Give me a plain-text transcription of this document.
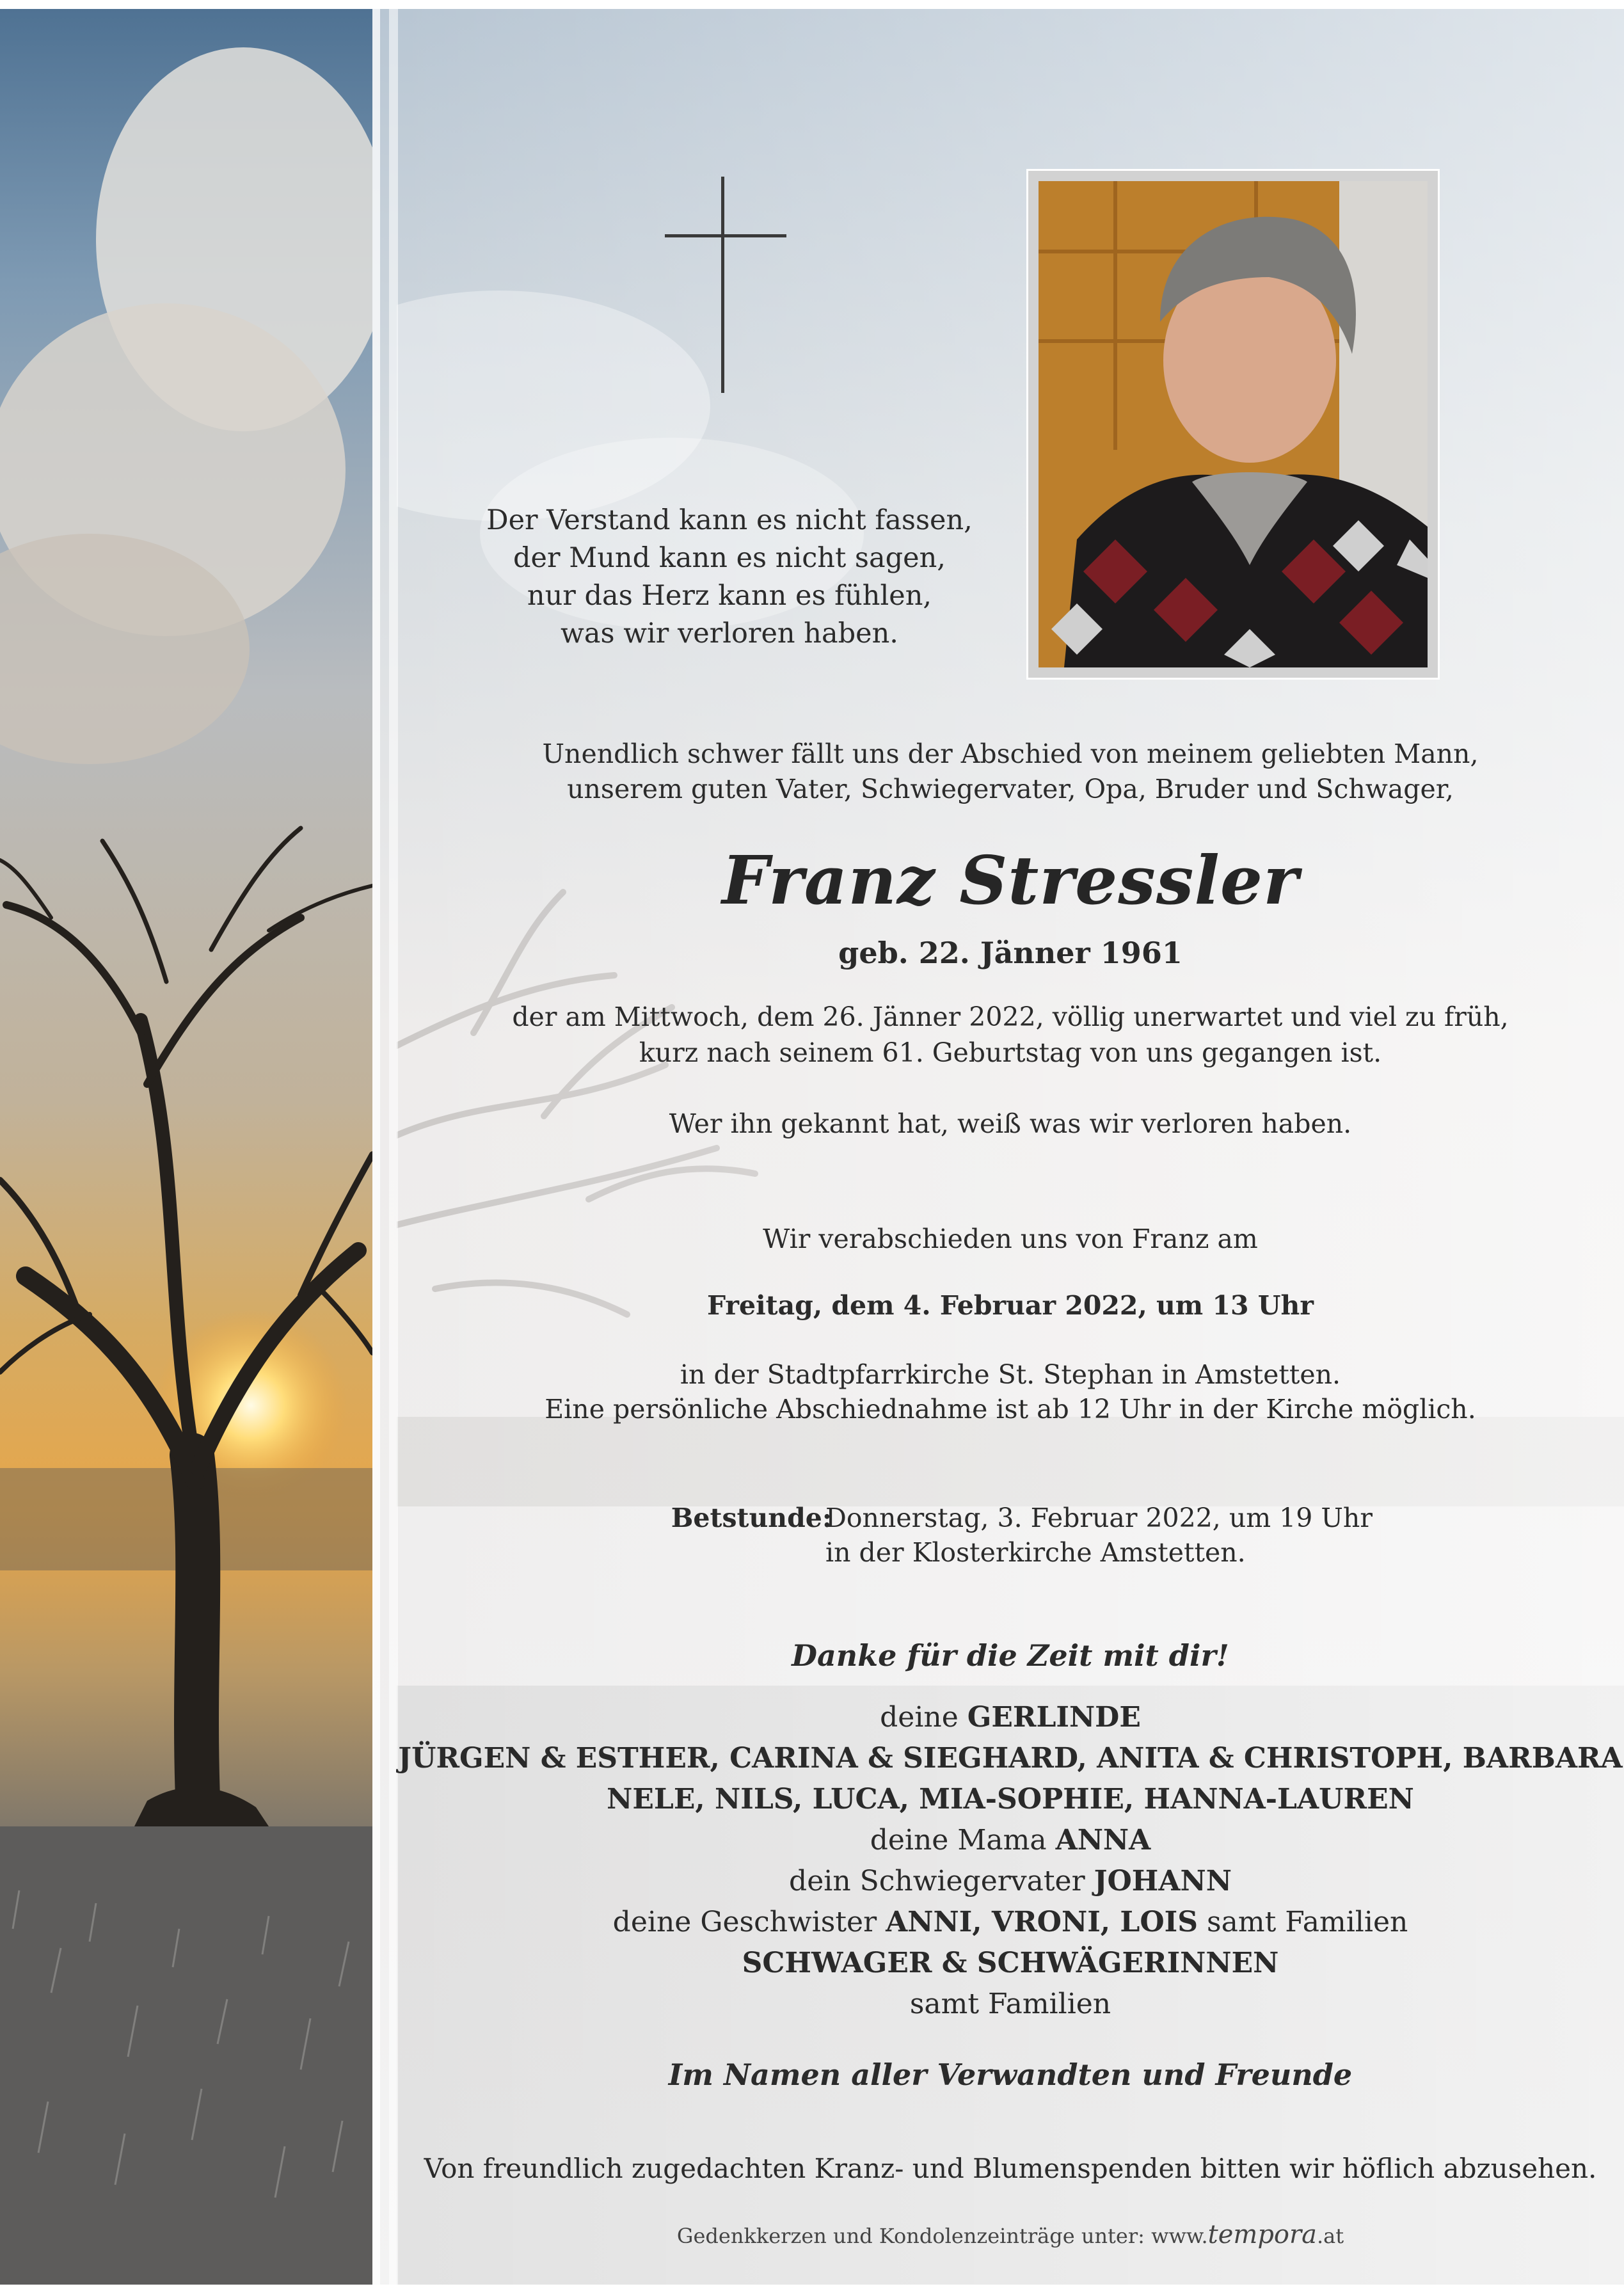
Der Verstand kann es nicht fassen,
der Mund kann es nicht sagen,
nur das Herz kann es fühlen,
was wir verloren haben.

Unendlich schwer fällt uns der Abschied von meinem geliebten Mann,

unserem guten Vater, Schwiegervater, Opa, Bruder und Schwager,

Franz Stressler

geb. 22. Jänner 1961

der am Mittwoch, dem 26. Jänner 2022, völlig unerwartet und viel zu früh,

kurz nach seinem 61. Geburtstag von uns gegangen ist.

Wer ihn gekannt hat, weiß was wir verloren haben.

Wir verabschieden uns von Franz am

Freitag, dem 4. Februar 2022, um 13 Uhr

in der Stadtpfarrkirche St. Stephan in Amstetten.

Eine persönliche Abschiednahme ist ab 12 Uhr in der Kirche möglich.

Betstunde:

Donnerstag, 3. Februar 2022, um 19 Uhr

in der Klosterkirche Amstetten.

Danke für die Zeit mit dir!

deine GERLINDE

JÜRGEN & ESTHER, CARINA & SIEGHARD, ANITA & CHRISTOPH, BARBARA

NELE, NILS, LUCA, MIA-SOPHIE, HANNA-LAUREN

deine Mama ANNA

dein Schwiegervater JOHANN

deine Geschwister ANNI, VRONI, LOIS samt Familien

SCHWAGER & SCHWÄGERINNEN

samt Familien

Im Namen aller Verwandten und Freunde

Von freundlich zugedachten Kranz- und Blumenspenden bitten wir höflich abzusehen.

Gedenkkerzen und Kondolenzeinträge unter: www.tempora.at
